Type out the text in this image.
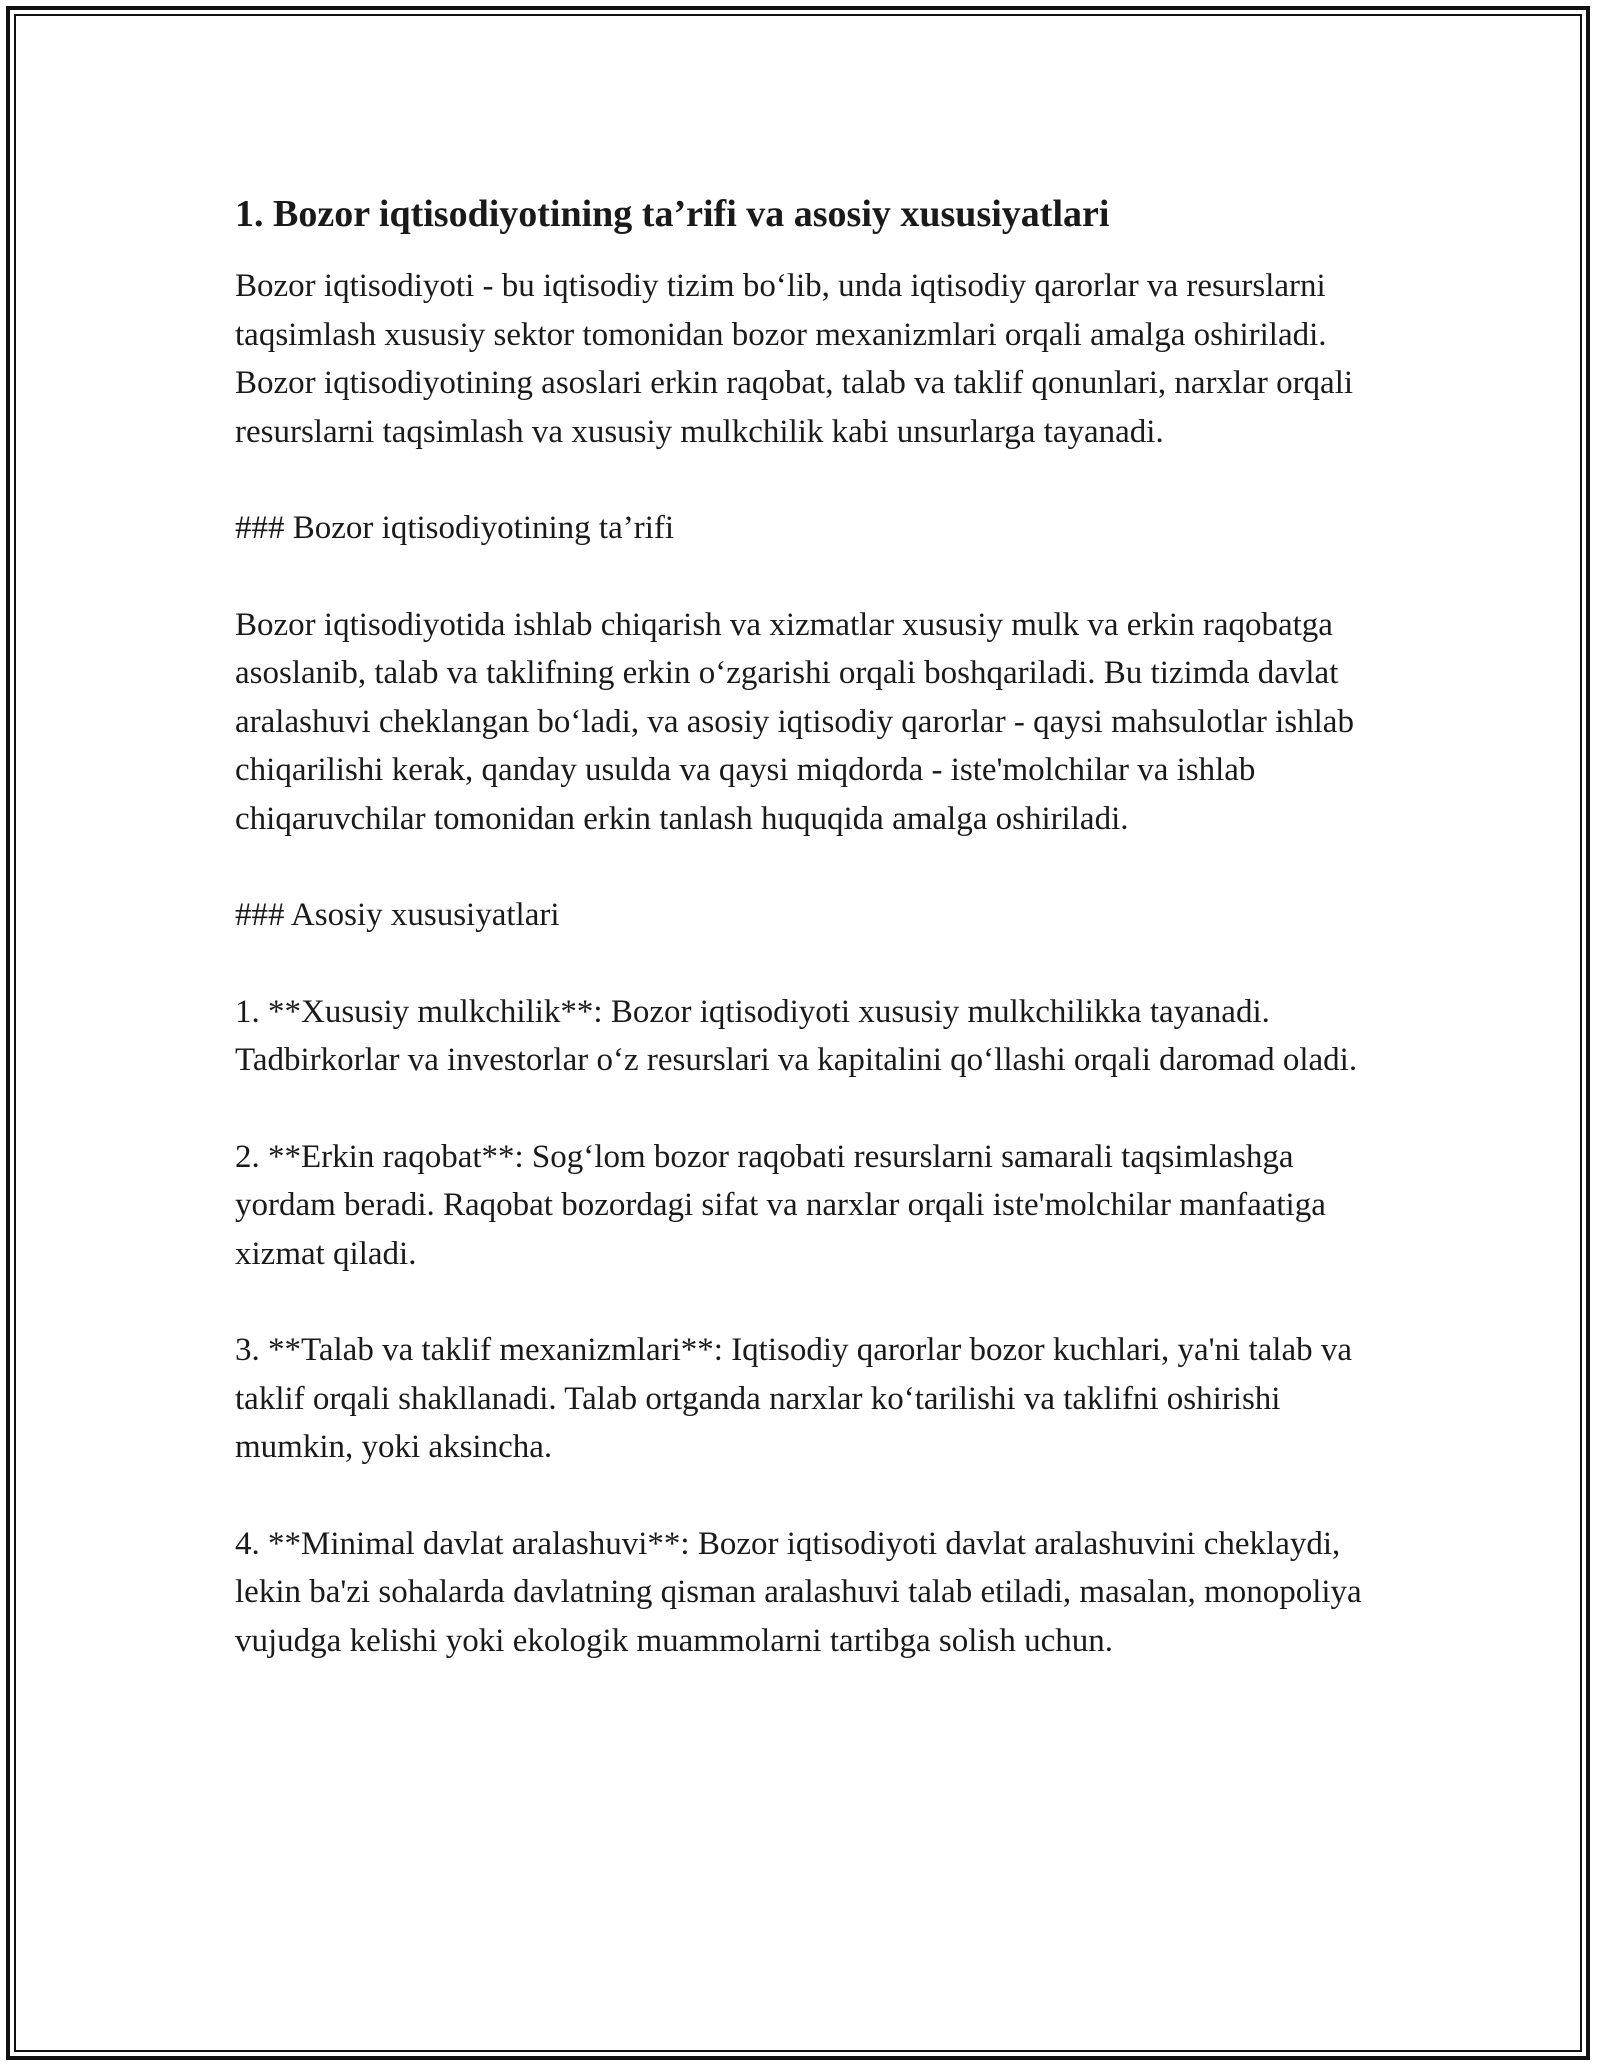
1. Bozor iqtisodiyotining ta’rifi va asosiy xususiyatlari

Bozor iqtisodiyoti - bu iqtisodiy tizim bo‘lib, unda iqtisodiy qarorlar va resurslarni taqsimlash xususiy sektor tomonidan bozor mexanizmlari orqali amalga oshiriladi. Bozor iqtisodiyotining asoslari erkin raqobat, talab va taklif qonunlari, narxlar orqali resurslarni taqsimlash va xususiy mulkchilik kabi unsurlarga tayanadi.

### Bozor iqtisodiyotining ta’rifi

Bozor iqtisodiyotida ishlab chiqarish va xizmatlar xususiy mulk va erkin raqobatga asoslanib, talab va taklifning erkin o‘zgarishi orqali boshqariladi. Bu tizimda davlat aralashuvi cheklangan bo‘ladi, va asosiy iqtisodiy qarorlar - qaysi mahsulotlar ishlab chiqarilishi kerak, qanday usulda va qaysi miqdorda - iste'molchilar va ishlab chiqaruvchilar tomonidan erkin tanlash huquqida amalga oshiriladi.

### Asosiy xususiyatlari

1. **Xususiy mulkchilik**: Bozor iqtisodiyoti xususiy mulkchilikka tayanadi. Tadbirkorlar va investorlar o‘z resurslari va kapitalini qo‘llashi orqali daromad oladi.

2. **Erkin raqobat**: Sog‘lom bozor raqobati resurslarni samarali taqsimlashga yordam beradi. Raqobat bozordagi sifat va narxlar orqali iste'molchilar manfaatiga xizmat qiladi.

3. **Talab va taklif mexanizmlari**: Iqtisodiy qarorlar bozor kuchlari, ya'ni talab va taklif orqali shakllanadi. Talab ortganda narxlar ko‘tarilishi va taklifni oshirishi mumkin, yoki aksincha.

4. **Minimal davlat aralashuvi**: Bozor iqtisodiyoti davlat aralashuvini cheklaydi, lekin ba'zi sohalarda davlatning qisman aralashuvi talab etiladi, masalan, monopoliya vujudga kelishi yoki ekologik muammolarni tartibga solish uchun.
